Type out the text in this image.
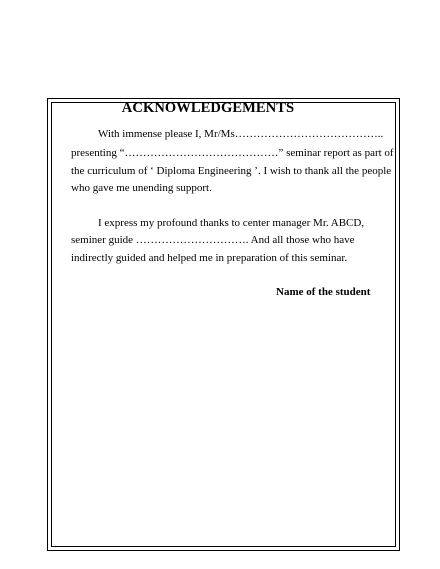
ACKNOWLEDGEMENTS
With immense please I, Mr/Ms…………………………………..
presenting “……………………………………” seminar report as part of
the curriculum of ‘ Diploma Engineering ’. I wish to thank all the people
who gave me unending support.
I express my profound thanks to center manager Mr. ABCD,
seminer guide …………………………. And all those who have
indirectly guided and helped me in preparation of this seminar.
Name of the student
